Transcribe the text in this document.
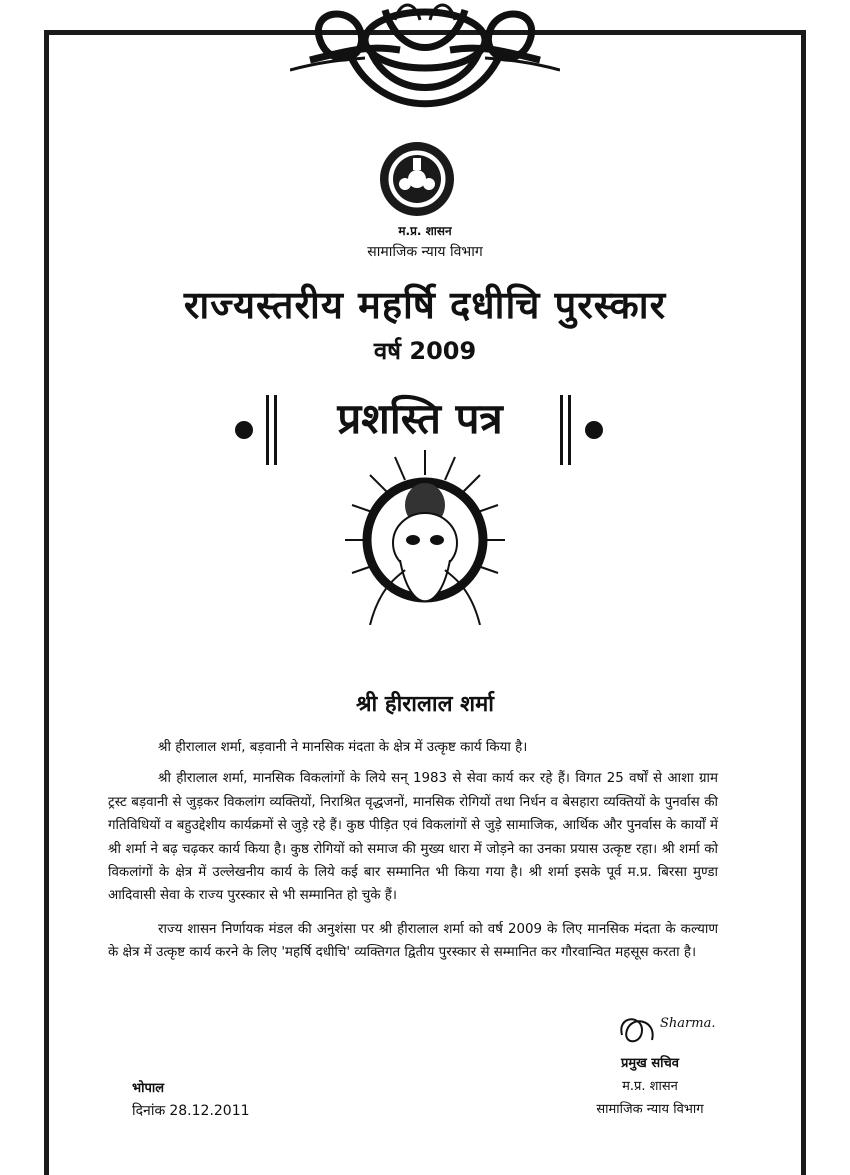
म.प्र. शासन
सामाजिक न्याय विभाग
राज्यस्तरीय महर्षि दधीचि पुरस्कार
वर्ष 2009
प्रशस्ति पत्र
श्री हीरालाल शर्मा

श्री हीरालाल शर्मा, बड़वानी ने मानसिक मंदता के क्षेत्र में उत्कृष्ट कार्य किया है।

श्री हीरालाल शर्मा, मानसिक विकलांगों के लिये सन् 1983 से सेवा कार्य कर रहे हैं। विगत 25 वर्षों से आशा ग्राम ट्रस्ट बड़वानी से जुड़कर विकलांग व्यक्तियों, निराश्रित वृद्धजनों, मानसिक रोगियों तथा निर्धन व बेसहारा व्यक्तियों के पुनर्वास की गतिविधियों व बहुउद्देशीय कार्यक्रमों से जुड़े रहे हैं। कुष्ठ पीड़ित एवं विकलांगों से जुड़े सामाजिक, आर्थिक और पुनर्वास के कार्यों में श्री शर्मा ने बढ़ चढ़कर कार्य किया है। कुष्ठ रोगियों को समाज की मुख्य धारा में जोड़ने का उनका प्रयास उत्कृष्ट रहा। श्री शर्मा को विकलांगों के क्षेत्र में उल्लेखनीय कार्य के लिये कई बार सम्मानित भी किया गया है। श्री शर्मा इसके पूर्व म.प्र. बिरसा मुण्डा आदिवासी सेवा के राज्य पुरस्कार से भी सम्मानित हो चुके हैं।

राज्य शासन निर्णायक मंडल की अनुशंसा पर श्री हीरालाल शर्मा को वर्ष 2009 के लिए मानसिक मंदता के कल्याण के क्षेत्र में उत्कृष्ट कार्य करने के लिए 'महर्षि दधीचि' व्यक्तिगत द्वितीय पुरस्कार से सम्मानित कर गौरवान्वित महसूस करता है।

Sharma.
प्रमुख सचिव
म.प्र. शासन
सामाजिक न्याय विभाग
भोपाल
दिनांक 28.12.2011
